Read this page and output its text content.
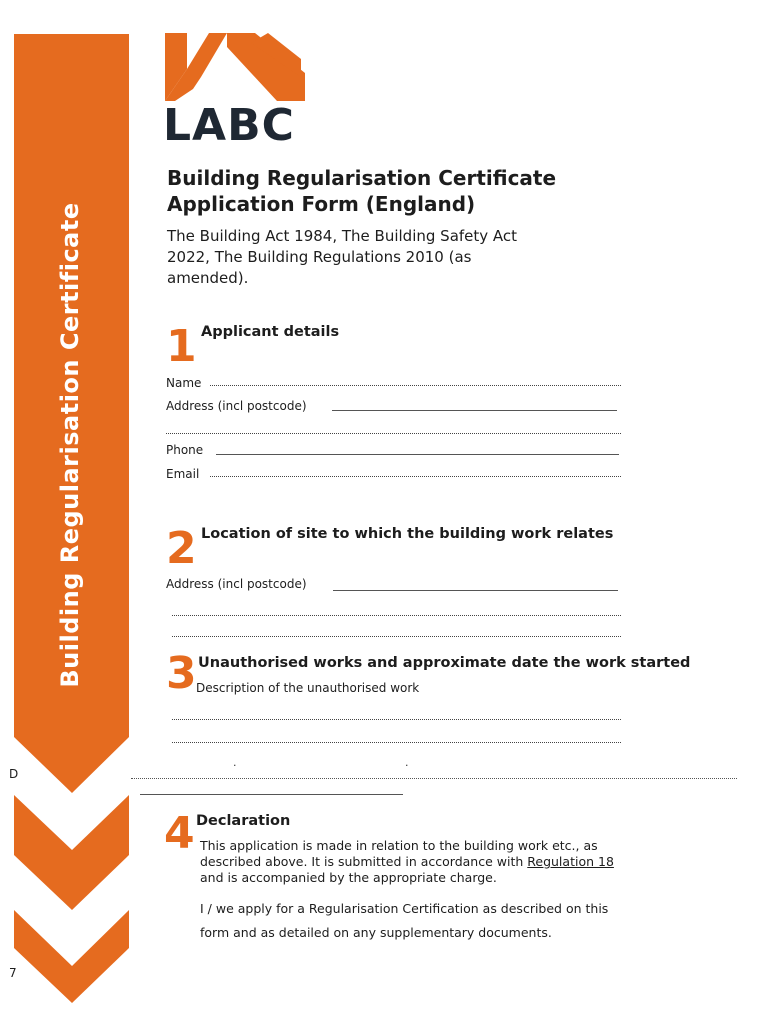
Building Regularisation Certificate
LABC
Building Regularisation Certificate
Application Form (England)
The Building Act 1984, The Building Safety Act
2022, The Building Regulations 2010 (as
amended).
1 Applicant details
Name
Address (incl postcode)
Phone
Email
2 Location of site to which the building work relates
Address (incl postcode)
3 Unauthorised works and approximate date the work started
Description of the unauthorised work
.	.
D
7
4 Declaration
This application is made in relation to the building work etc., as
described above. It is submitted in accordance with Regulation 18
and is accompanied by the appropriate charge.
I / we apply for a Regularisation Certification as described on this
form and as detailed on any supplementary documents.
